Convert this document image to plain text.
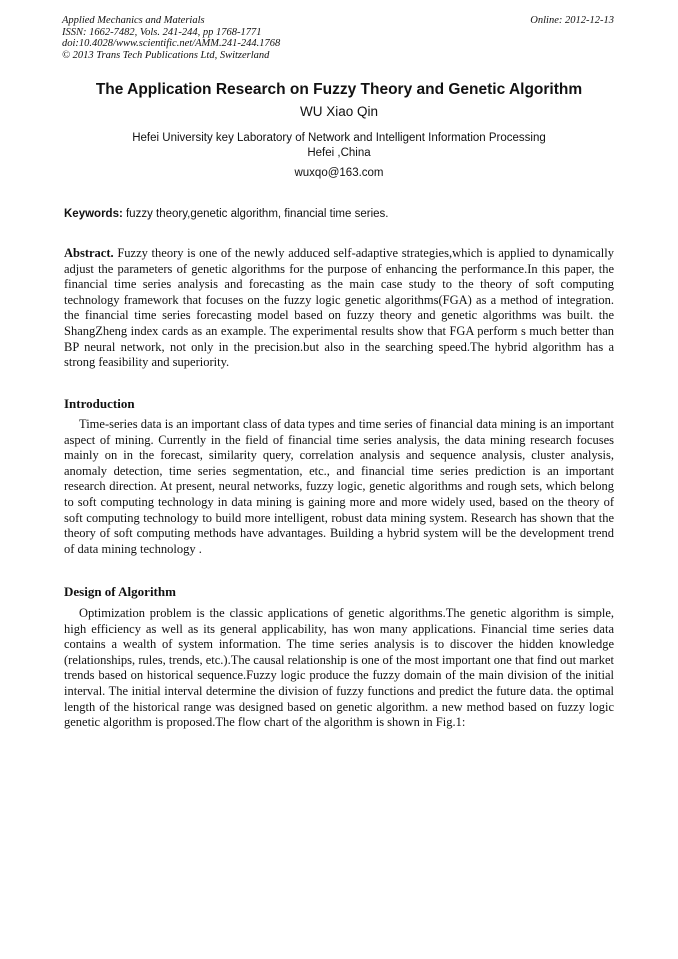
Applied Mechanics and Materials
ISSN: 1662-7482, Vols. 241-244, pp 1768-1771
doi:10.4028/www.scientific.net/AMM.241-244.1768
© 2013 Trans Tech Publications Ltd, Switzerland
Online: 2012-12-13
The Application Research on Fuzzy Theory and Genetic Algorithm
WU Xiao Qin
Hefei University key Laboratory of Network and Intelligent Information Processing
Hefei ,China
wuxqo@163.com
Keywords: fuzzy theory,genetic algorithm, financial time series.

Abstract. Fuzzy theory is one of the newly adduced self-adaptive strategies,which is applied to dynamically adjust the parameters of genetic algorithms for the purpose of enhancing the performance.In this paper, the financial time series analysis and forecasting as the main case study to the theory of soft computing technology framework that focuses on the fuzzy logic genetic algorithms(FGA) as a method of integration. the financial time series forecasting model based on fuzzy theory and genetic algorithms was built. the ShangZheng index cards as an example. The experimental results show that FGA perform s much better than BP neural network, not only in the precision.but also in the searching speed.The hybrid algorithm has a strong feasibility and superiority.

Introduction

Time-series data is an important class of data types and time series of financial data mining is an important aspect of mining. Currently in the field of financial time series analysis, the data mining research focuses mainly on in the forecast, similarity query, correlation analysis and sequence analysis, cluster analysis, anomaly detection, time series segmentation, etc., and financial time series prediction is an important research direction. At present, neural networks, fuzzy logic, genetic algorithms and rough sets, which belong to soft computing technology in data mining is gaining more and more widely used, based on the theory of soft computing technology to build more intelligent, robust data mining system. Research has shown that the theory of soft computing methods have advantages. Building a hybrid system will be the development trend of data mining technology .

Design of Algorithm

Optimization problem is the classic applications of genetic algorithms.The genetic algorithm is simple, high efficiency as well as its general applicability, has won many applications. Financial time series data contains a wealth of system information. The time series analysis is to discover the hidden knowledge (relationships, rules, trends, etc.).The causal relationship is one of the most important one that find out market trends based on historical sequence.Fuzzy logic produce the fuzzy domain of the main division of the initial interval. The initial interval determine the division of fuzzy functions and predict the future data. the optimal length of the historical range was designed based on genetic algorithm. a new method based on fuzzy logic genetic algorithm is proposed.The flow chart of the algorithm is shown in Fig.1:
